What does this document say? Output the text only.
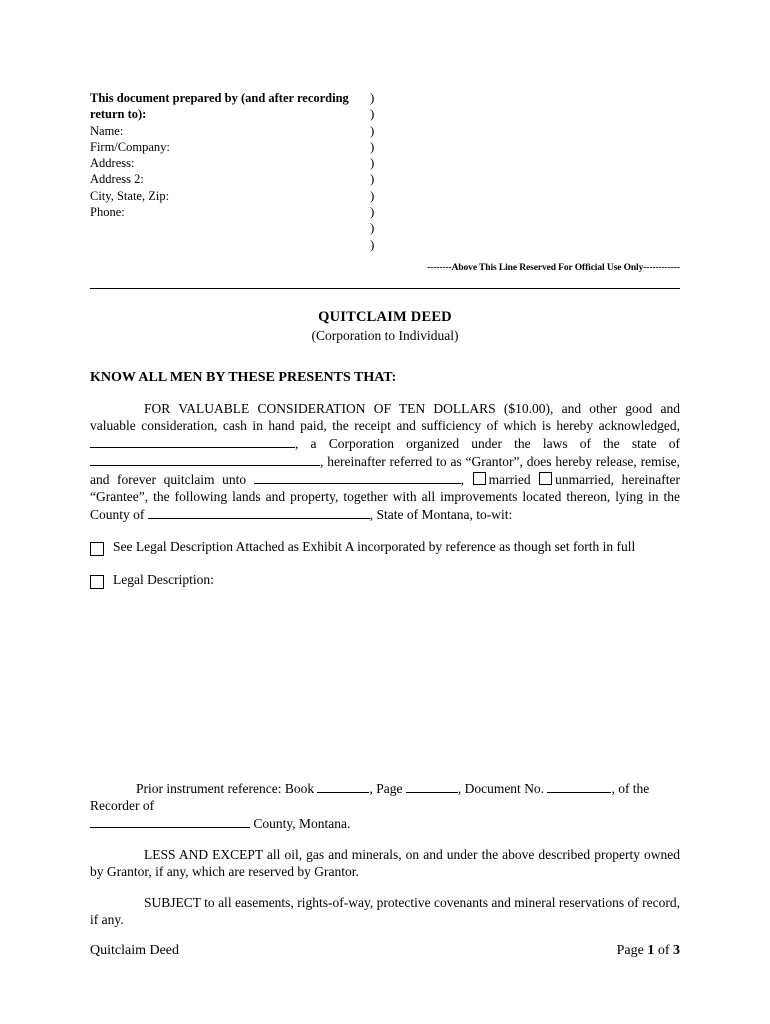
This document prepared by (and after recording
return to):
Name:
Firm/Company:
Address:
Address 2:
City, State, Zip:
Phone:
)
)
)
)
)
)
)
)
)
)
--------Above This Line Reserved For Official Use Only------------
QUITCLAIM DEED
(Corporation to Individual)
KNOW ALL MEN BY THESE PRESENTS THAT:

FOR VALUABLE CONSIDERATION OF TEN DOLLARS ($10.00), and other good and valuable consideration, cash in hand paid, the receipt and sufficiency of which is hereby acknowledged, , a Corporation organized under the laws of the state of , hereinafter referred to as “Grantor”, does hereby release, remise, and forever quitclaim unto	, married unmarried, hereinafter “Grantee”, the following lands and property, together with all improvements located thereon, lying in the County of	, State of Montana, to-wit:

See Legal Description Attached as Exhibit A incorporated by reference as though set forth in full
Legal Description:
Prior instrument reference: Book	, Page	, Document No.	, of the Recorder of
County, Montana.

LESS AND EXCEPT all oil, gas and minerals, on and under the above described property owned by Grantor, if any, which are reserved by Grantor.

SUBJECT to all easements, rights-of-way, protective covenants and mineral reservations of record, if any.

Quitclaim Deed	Page 1 of 3
